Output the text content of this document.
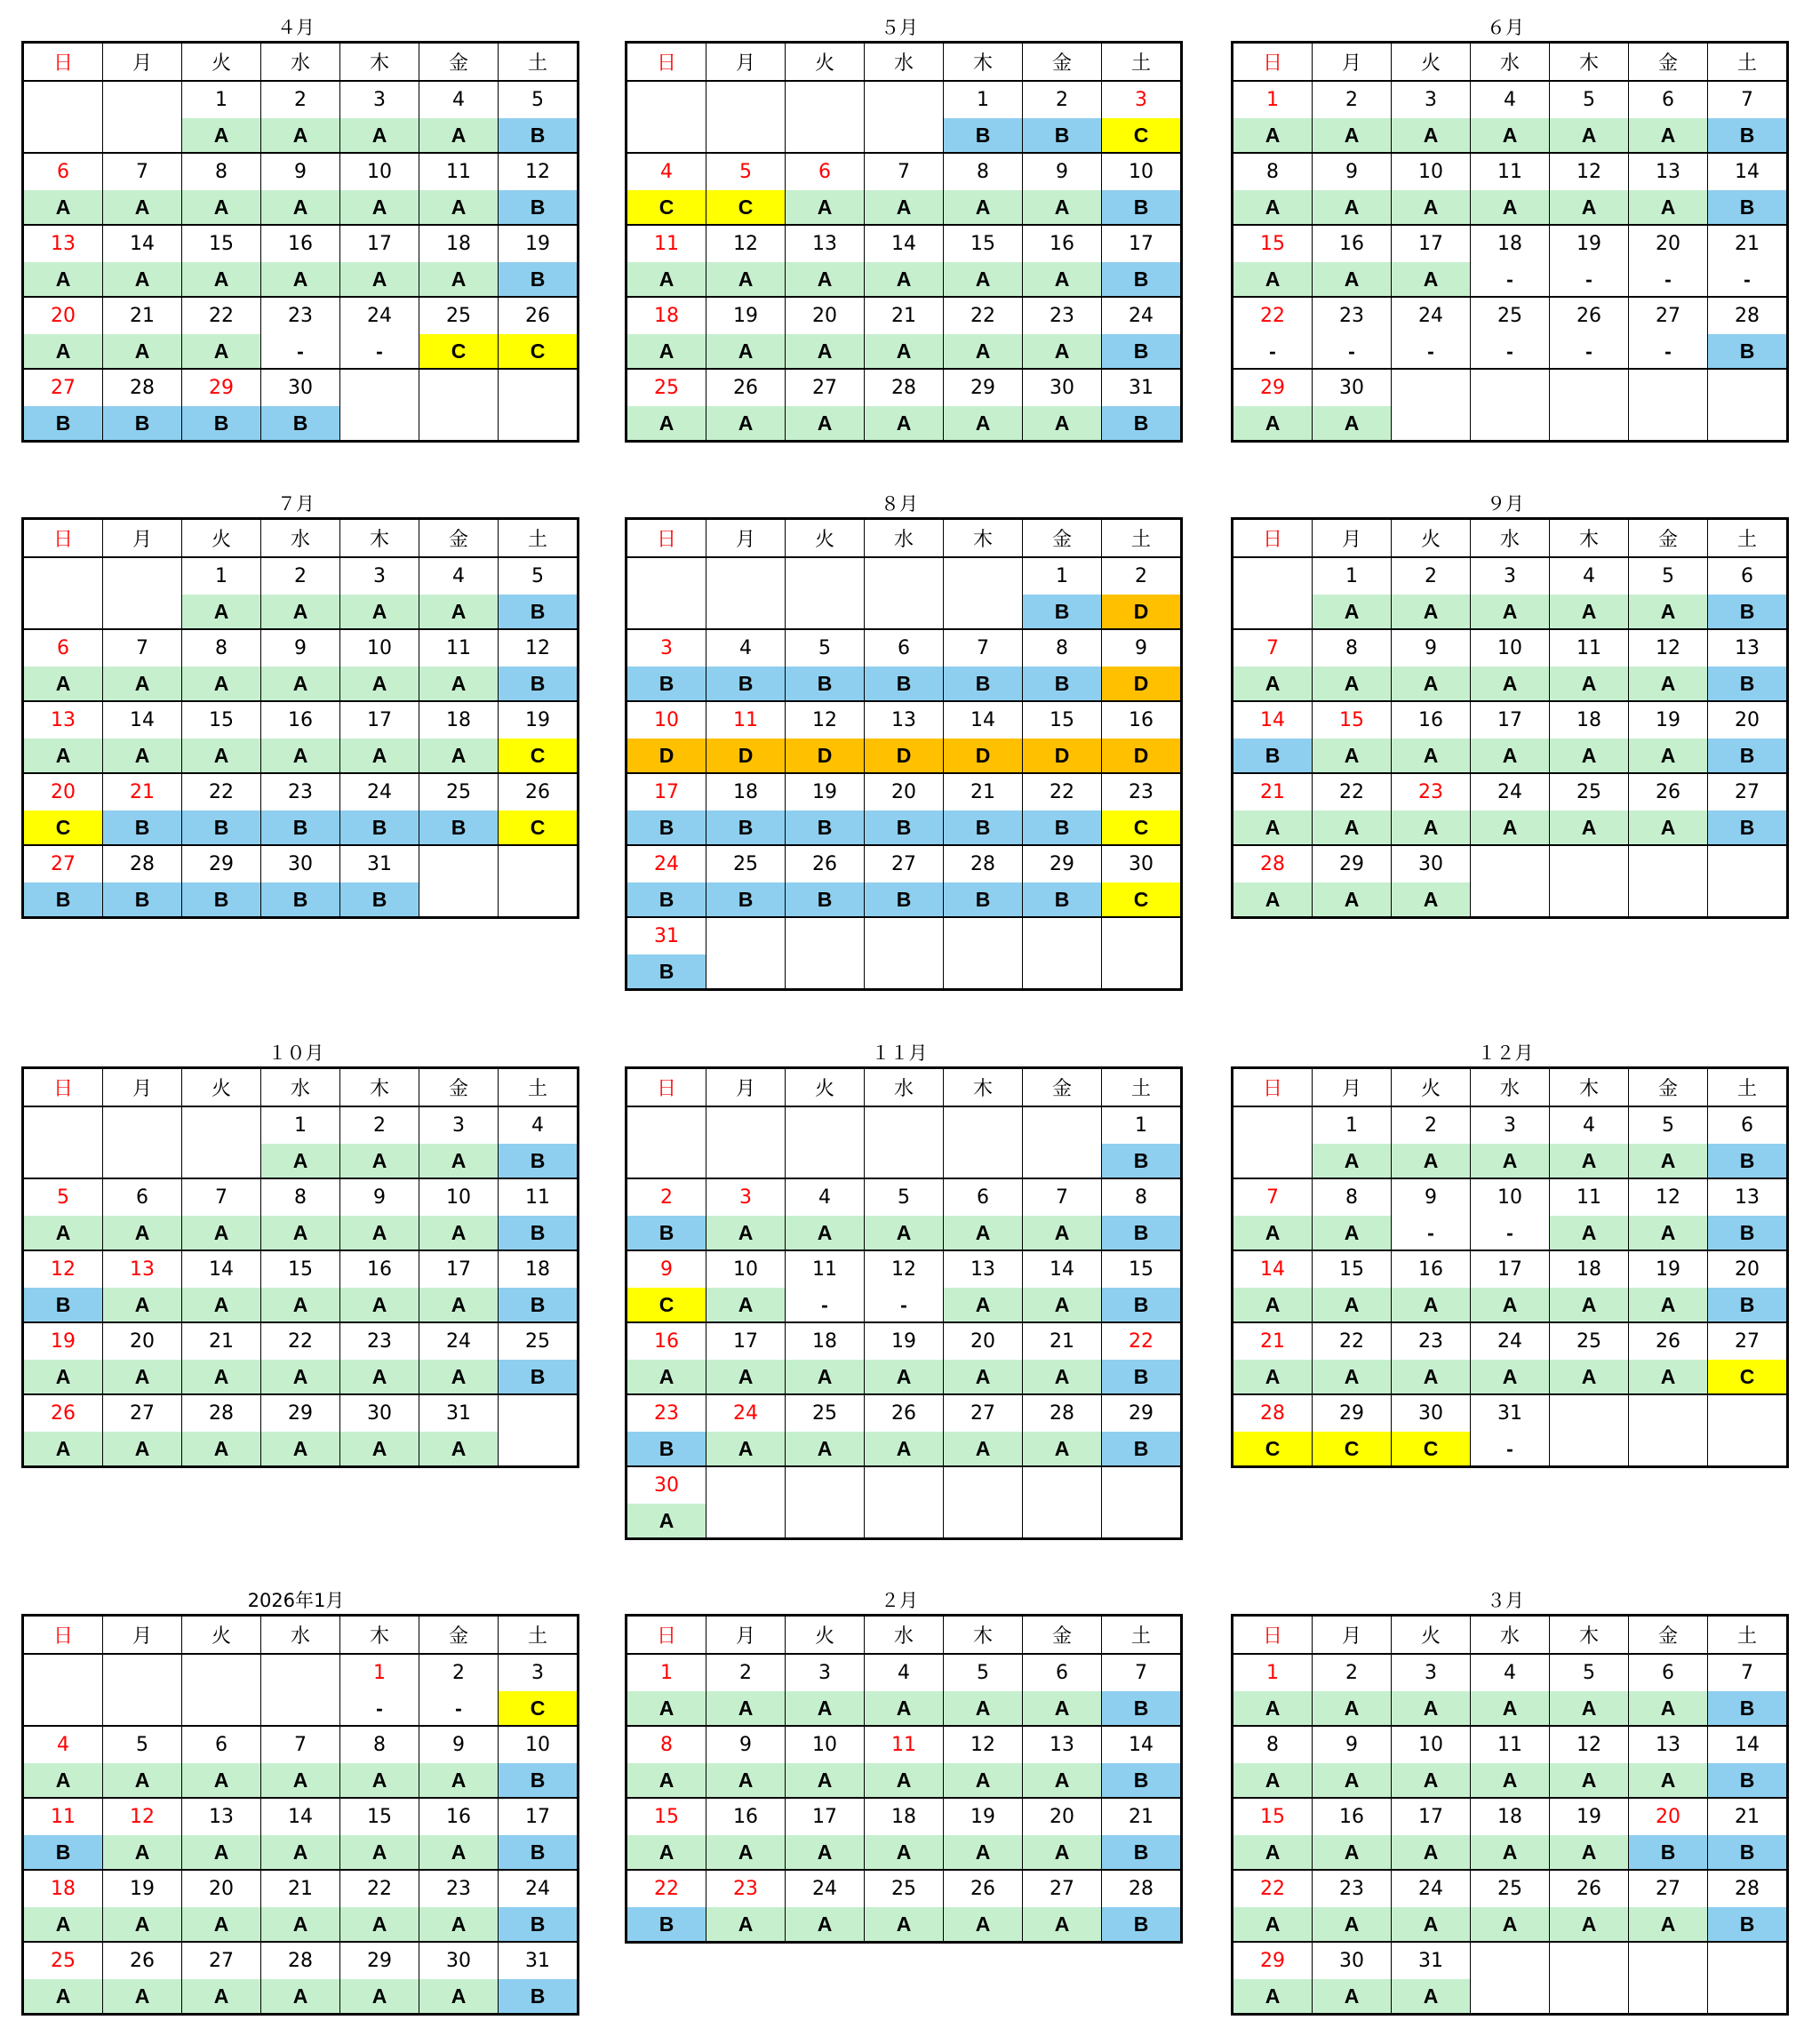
４月
日	月	火	水	木	金	土
		1	2	3	4	5
		A	A	A	A	B
6	7	8	9	10	11	12
A	A	A	A	A	A	B
13	14	15	16	17	18	19
A	A	A	A	A	A	B
20	21	22	23	24	25	26
A	A	A	-	-	C	C
27	28	29	30			
B	B	B	B			
５月
日	月	火	水	木	金	土
				1	2	3
				B	B	C
4	5	6	7	8	9	10
C	C	A	A	A	A	B
11	12	13	14	15	16	17
A	A	A	A	A	A	B
18	19	20	21	22	23	24
A	A	A	A	A	A	B
25	26	27	28	29	30	31
A	A	A	A	A	A	B
６月
日	月	火	水	木	金	土
1	2	3	4	5	6	7
A	A	A	A	A	A	B
8	9	10	11	12	13	14
A	A	A	A	A	A	B
15	16	17	18	19	20	21
A	A	A	-	-	-	-
22	23	24	25	26	27	28
-	-	-	-	-	-	B
29	30					
A	A					
７月
日	月	火	水	木	金	土
		1	2	3	4	5
		A	A	A	A	B
6	7	8	9	10	11	12
A	A	A	A	A	A	B
13	14	15	16	17	18	19
A	A	A	A	A	A	C
20	21	22	23	24	25	26
C	B	B	B	B	B	C
27	28	29	30	31		
B	B	B	B	B		
８月
日	月	火	水	木	金	土
					1	2
					B	D
3	4	5	6	7	8	9
B	B	B	B	B	B	D
10	11	12	13	14	15	16
D	D	D	D	D	D	D
17	18	19	20	21	22	23
B	B	B	B	B	B	C
24	25	26	27	28	29	30
B	B	B	B	B	B	C
31						
B						
９月
日	月	火	水	木	金	土
	1	2	3	4	5	6
	A	A	A	A	A	B
7	8	9	10	11	12	13
A	A	A	A	A	A	B
14	15	16	17	18	19	20
B	A	A	A	A	A	B
21	22	23	24	25	26	27
A	A	A	A	A	A	B
28	29	30				
A	A	A				
１０月
日	月	火	水	木	金	土
			1	2	3	4
			A	A	A	B
5	6	7	8	9	10	11
A	A	A	A	A	A	B
12	13	14	15	16	17	18
B	A	A	A	A	A	B
19	20	21	22	23	24	25
A	A	A	A	A	A	B
26	27	28	29	30	31	
A	A	A	A	A	A	
１１月
日	月	火	水	木	金	土
						1
						B
2	3	4	5	6	7	8
B	A	A	A	A	A	B
9	10	11	12	13	14	15
C	A	-	-	A	A	B
16	17	18	19	20	21	22
A	A	A	A	A	A	B
23	24	25	26	27	28	29
B	A	A	A	A	A	B
30						
A						
１２月
日	月	火	水	木	金	土
	1	2	3	4	5	6
	A	A	A	A	A	B
7	8	9	10	11	12	13
A	A	-	-	A	A	B
14	15	16	17	18	19	20
A	A	A	A	A	A	B
21	22	23	24	25	26	27
A	A	A	A	A	A	C
28	29	30	31			
C	C	C	-			
2026年1月
日	月	火	水	木	金	土
				1	2	3
				-	-	C
4	5	6	7	8	9	10
A	A	A	A	A	A	B
11	12	13	14	15	16	17
B	A	A	A	A	A	B
18	19	20	21	22	23	24
A	A	A	A	A	A	B
25	26	27	28	29	30	31
A	A	A	A	A	A	B
２月
日	月	火	水	木	金	土
1	2	3	4	5	6	7
A	A	A	A	A	A	B
8	9	10	11	12	13	14
A	A	A	A	A	A	B
15	16	17	18	19	20	21
A	A	A	A	A	A	B
22	23	24	25	26	27	28
B	A	A	A	A	A	B
３月
日	月	火	水	木	金	土
1	2	3	4	5	6	7
A	A	A	A	A	A	B
8	9	10	11	12	13	14
A	A	A	A	A	A	B
15	16	17	18	19	20	21
A	A	A	A	A	B	B
22	23	24	25	26	27	28
A	A	A	A	A	A	B
29	30	31				
A	A	A				
